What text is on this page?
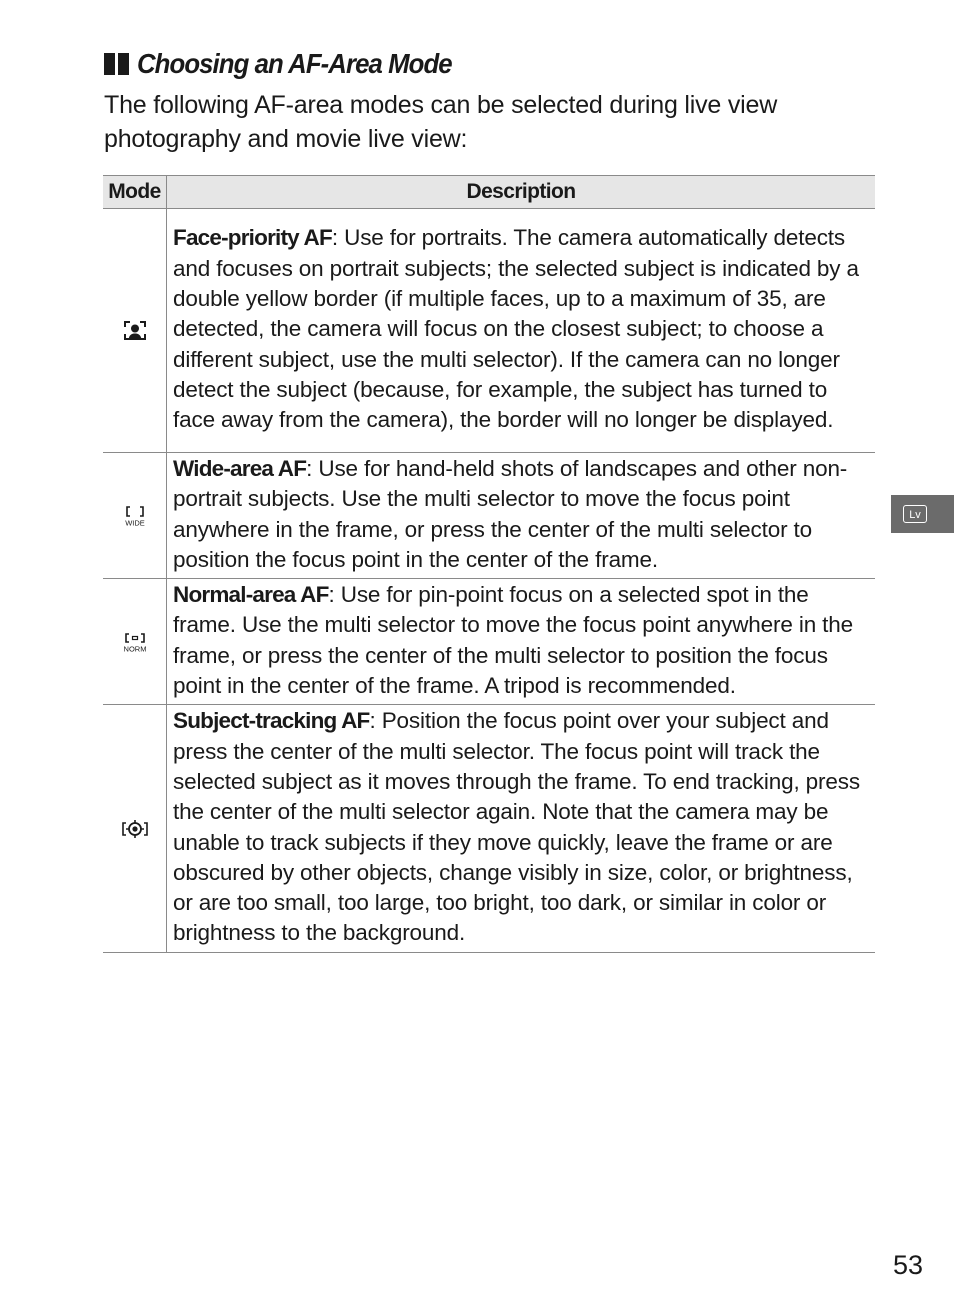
Choosing an AF-Area Mode
The following AF-area modes can be selected during live view photography and movie live view:
Mode	Description
	Face-priority AF: Use for portraits. The camera automatically detects and focuses on portrait subjects; the selected subject is indicated by a double yellow border (if multiple faces, up to a maximum of 35, are detected, the camera will focus on the closest subject; to choose a different subject, use the multi selector). If the camera can no longer detect the subject (because, for example, the subject has turned to face away from the camera), the border will no longer be displayed.

WIDE	Wide-area AF: Use for hand-held shots of landscapes and other non-portrait subjects. Use the multi selector to move the focus point anywhere in the frame, or press the center of the multi selector to position the focus point in the center of the frame.

NORM	Normal-area AF: Use for pin-point focus on a selected spot in the frame. Use the multi selector to move the focus point anywhere in the frame, or press the center of the multi selector to position the focus point in the center of the frame. A tripod is recommended.
	Subject-tracking AF: Position the focus point over your subject and press the center of the multi selector. The focus point will track the selected subject as it moves through the frame. To end tracking, press the center of the multi selector again. Note that the camera may be unable to track subjects if they move quickly, leave the frame or are obscured by other objects, change visibly in size, color, or brightness, or are too small, too large, too bright, too dark, or similar in color or brightness to the background.
Lv
53
